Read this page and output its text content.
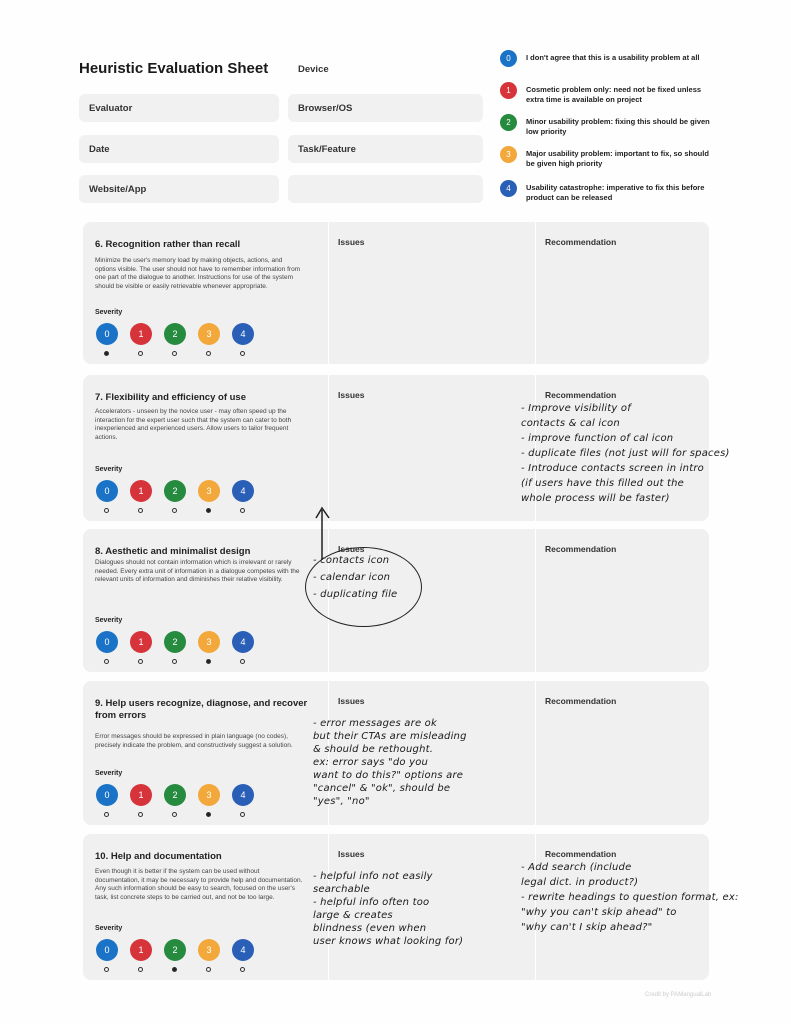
Heuristic Evaluation Sheet
Evaluator
Date
Website/App
Device
Browser/OS
Task/Feature
0	I don't agree that this is a usability problem at all
1	Cosmetic problem only: need not be fixed unless extra time is available on project
2	Minor usability problem: fixing this should be given low priority
3	Major usability problem: important to fix, so should be given high priority
4	Usability catastrophe: imperative to fix this before product can be released
6. Recognition rather than recall
Minimize the user's memory load by making objects, actions, and options visible. The user should not have to remember information from one part of the dialogue to another. Instructions for use of the system should be visible or easily retrievable whenever appropriate.
Issues	Recommendation
Severity
0	1	2	3	4
7. Flexibility and efficiency of use
Accelerators - unseen by the novice user - may often speed up the interaction for the expert user such that the system can cater to both inexperienced and experienced users. Allow users to tailor frequent actions.
Issues	Recommendation
Severity
0	1	2	3	4
- Improve visibility of
contacts & cal icon
- improve function of cal icon
- duplicate files (not just will for spaces)
- Introduce contacts screen in intro
(if users have this filled out the
whole process will be faster)
8. Aesthetic and minimalist design
Dialogues should not contain information which is irrelevant or rarely needed. Every extra unit of information in a dialogue competes with the relevant units of information and diminishes their relative visibility.
Issues	Recommendation
Severity
0	1	2	3	4
- contacts icon
- calendar icon
- duplicating file
9. Help users recognize, diagnose, and recover from errors
Error messages should be expressed in plain language (no codes), precisely indicate the problem, and constructively suggest a solution.
Issues	Recommendation
Severity
0	1	2	3	4
- error messages are ok
but their CTAs are misleading
& should be rethought.
ex: error says "do you
want to do this?" options are
"cancel" & "ok", should be
"yes", "no"
10. Help and documentation
Even though it is better if the system can be used without documentation, it may be necessary to provide help and documentation. Any such information should be easy to search, focused on the user's task, list concrete steps to be carried out, and not be too large.
Issues	Recommendation
Severity
0	1	2	3	4
- helpful info not easily
searchable
- helpful info often too
large & creates
blindness (even when
user knows what looking for)
- Add search (include
legal dict. in product?)
- rewrite headings to question format, ex:
"why you can't skip ahead" to
"why can't I skip ahead?"
Credit by PAMangualLab
